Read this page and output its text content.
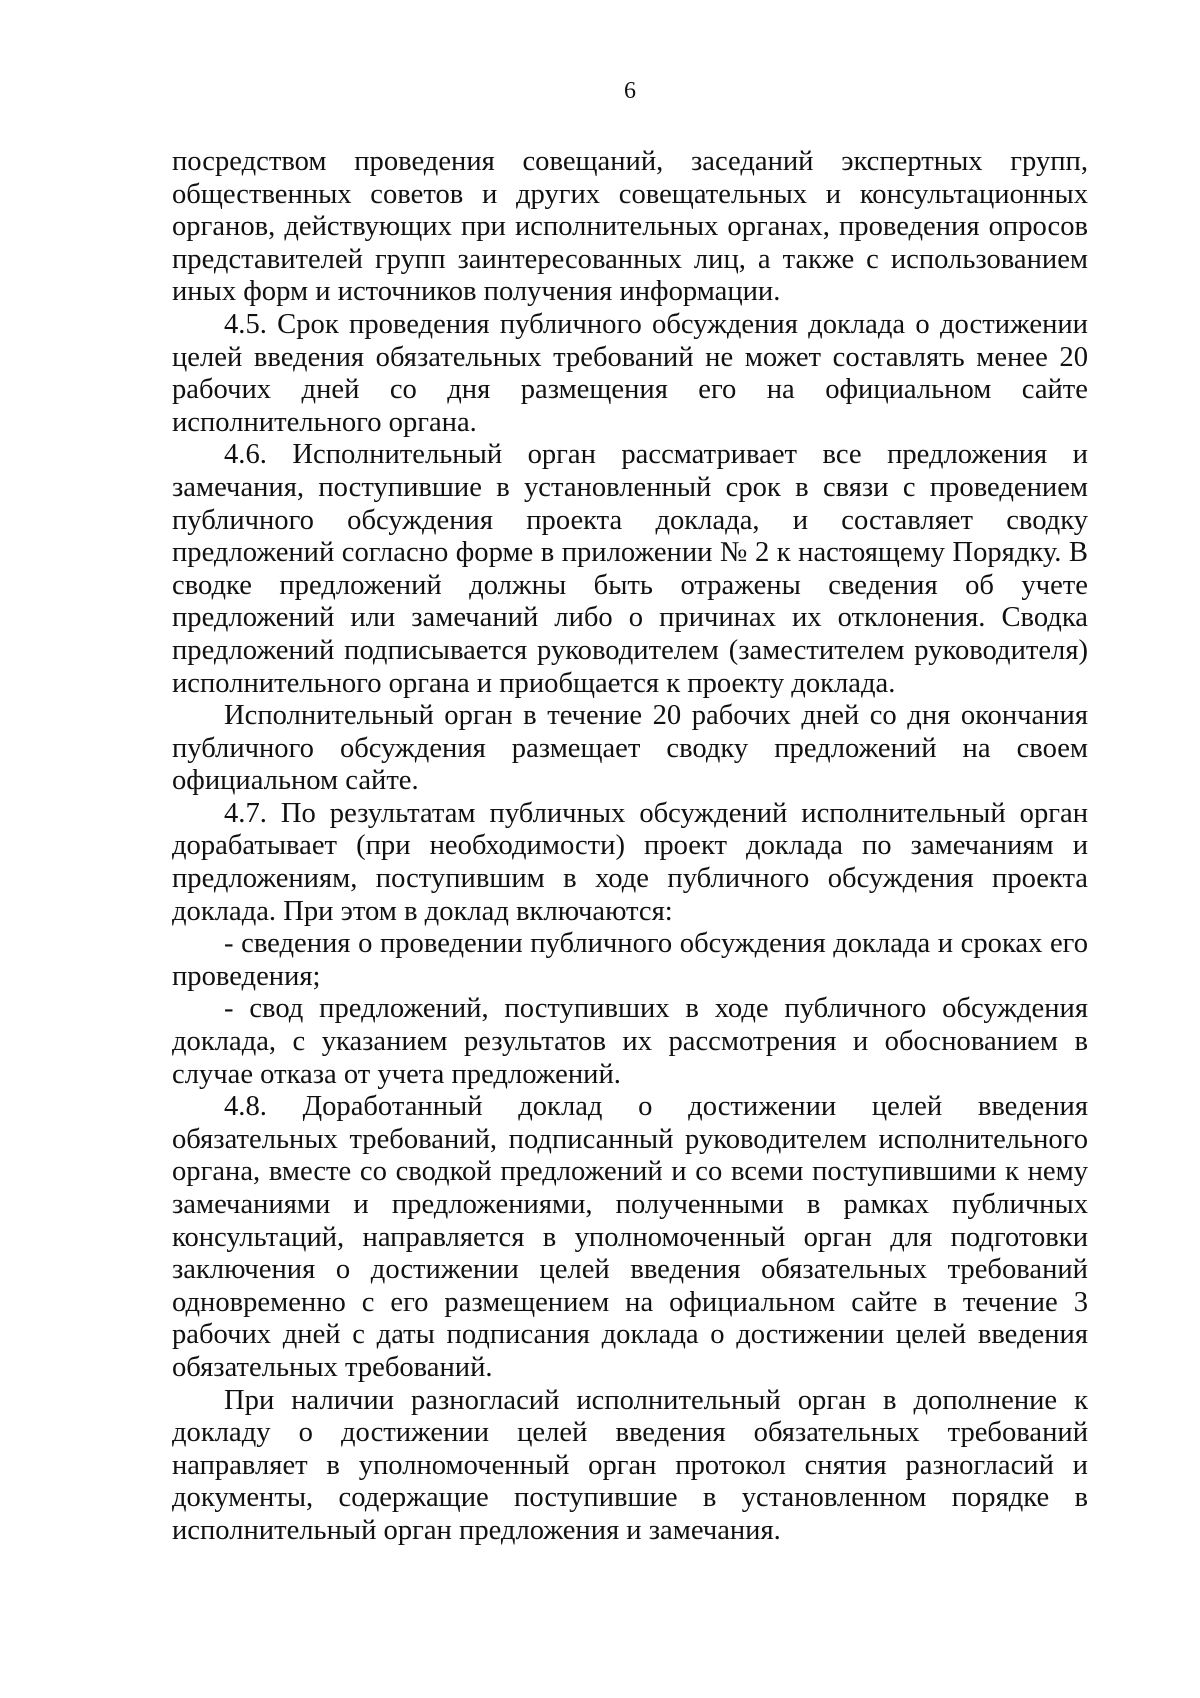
6

посредством проведения совещаний, заседаний экспертных групп, общественных советов и других совещательных и консультационных органов, действующих при исполнительных органах, проведения опросов представителей групп заинтересованных лиц, а также с использованием иных форм и источников получения информации.

4.5. Срок проведения публичного обсуждения доклада о достижении целей введения обязательных требований не может составлять менее 20 рабочих дней со дня размещения его на официальном сайте исполнительного органа.

4.6. Исполнительный орган рассматривает все предложения и замечания, поступившие в установленный срок в связи с проведением публичного обсуждения проекта доклада, и составляет сводку предложений согласно форме в приложении № 2 к настоящему Порядку. В сводке предложений должны быть отражены сведения об учете предложений или замечаний либо о причинах их отклонения. Сводка предложений подписывается руководителем (заместителем руководителя) исполнительного органа и приобщается к проекту доклада.

Исполнительный орган в течение 20 рабочих дней со дня окончания публичного обсуждения размещает сводку предложений на своем официальном сайте.

4.7. По результатам публичных обсуждений исполнительный орган дорабатывает (при необходимости) проект доклада по замечаниям и предложениям, поступившим в ходе публичного обсуждения проекта доклада. При этом в доклад включаются:

- сведения о проведении публичного обсуждения доклада и сроках его проведения;

- свод предложений, поступивших в ходе публичного обсуждения доклада, с указанием результатов их рассмотрения и обоснованием в случае отказа от учета предложений.

4.8. Доработанный доклад о достижении целей введения обязательных требований, подписанный руководителем исполнительного органа, вместе со сводкой предложений и со всеми поступившими к нему замечаниями и предложениями, полученными в рамках публичных консультаций, направляется в уполномоченный орган для подготовки заключения о достижении целей введения обязательных требований одновременно с его размещением на официальном сайте в течение 3 рабочих дней с даты подписания доклада о достижении целей введения обязательных требований.

При наличии разногласий исполнительный орган в дополнение к докладу о достижении целей введения обязательных требований направляет в уполномоченный орган протокол снятия разногласий и документы, содержащие поступившие в установленном порядке в исполнительный орган предложения и замечания.
